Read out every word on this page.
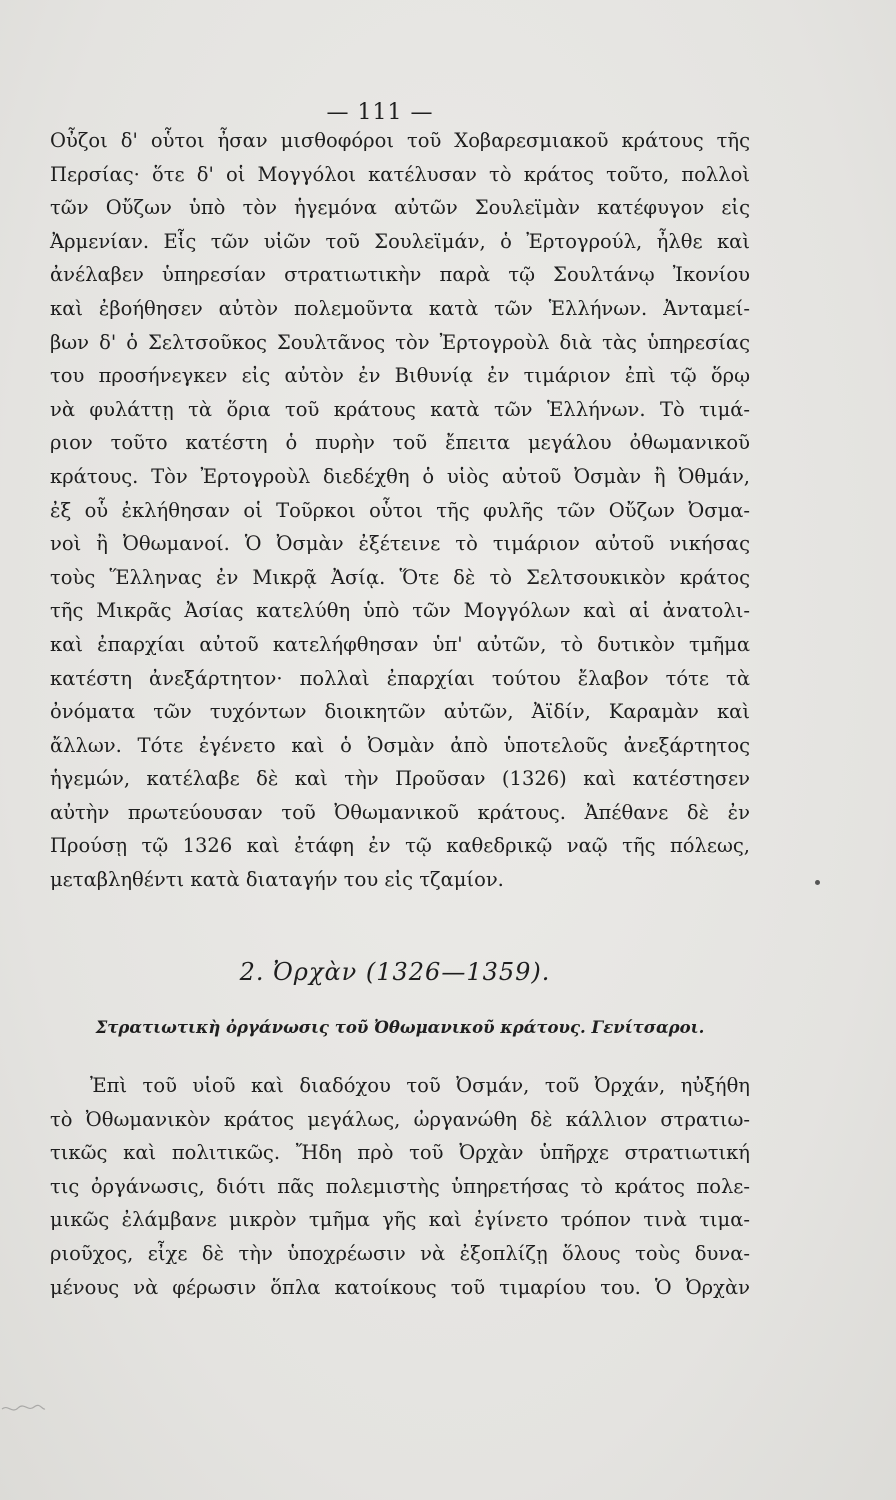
— 111 —
Οὖζοι δ' οὗτοι ἦσαν μισθοφόροι τοῦ Χοβαρεσμιακοῦ κράτους τῆς
Περσίας· ὅτε δ' οἱ Μογγόλοι κατέλυσαν τὸ κράτος τοῦτο, πολλοὶ
τῶν Οὔζων ὑπὸ τὸν ἡγεμόνα αὐτῶν Σουλεϊμὰν κατέφυγον εἰς
Ἀρμενίαν. Εἷς τῶν υἱῶν τοῦ Σουλεϊμάν, ὁ Ἐρτογρούλ, ἦλθε καὶ
ἀνέλαβεν ὑπηρεσίαν στρατιωτικὴν παρὰ τῷ Σουλτάνῳ Ἰκονίου
καὶ ἐβοήθησεν αὐτὸν πολεμοῦντα κατὰ τῶν Ἑλλήνων. Ἀνταμεί-
βων δ' ὁ Σελτσοῦκος Σουλτᾶνος τὸν Ἐρτογροὺλ διὰ τὰς ὑπηρεσίας
του προσήνεγκεν εἰς αὐτὸν ἐν Βιθυνίᾳ ἐν τιμάριον ἐπὶ τῷ ὅρῳ
νὰ φυλάττῃ τὰ ὅρια τοῦ κράτους κατὰ τῶν Ἑλλήνων. Τὸ τιμά-
ριον τοῦτο κατέστη ὁ πυρὴν τοῦ ἔπειτα μεγάλου ὀθωμανικοῦ
κράτους. Τὸν Ἐρτογροὺλ διεδέχθη ὁ υἱὸς αὐτοῦ Ὀσμὰν ἢ Ὀθμάν,
ἐξ οὗ ἐκλήθησαν οἱ Τοῦρκοι οὗτοι τῆς φυλῆς τῶν Οὔζων Ὀσμα-
νοὶ ἢ Ὀθωμανοί. Ὁ Ὀσμὰν ἐξέτεινε τὸ τιμάριον αὐτοῦ νικήσας
τοὺς Ἕλληνας ἐν Μικρᾷ Ἀσίᾳ. Ὅτε δὲ τὸ Σελτσουκικὸν κράτος
τῆς Μικρᾶς Ἀσίας κατελύθη ὑπὸ τῶν Μογγόλων καὶ αἱ ἀνατολι-
καὶ ἐπαρχίαι αὐτοῦ κατελήφθησαν ὑπ' αὐτῶν, τὸ δυτικὸν τμῆμα
κατέστη ἀνεξάρτητον· πολλαὶ ἐπαρχίαι τούτου ἔλαβον τότε τὰ
ὀνόματα τῶν τυχόντων διοικητῶν αὐτῶν, Ἀϊδίν, Καραμὰν καὶ
ἄλλων. Τότε ἐγένετο καὶ ὁ Ὀσμὰν ἀπὸ ὑποτελοῦς ἀνεξάρτητος
ἡγεμών, κατέλαβε δὲ καὶ τὴν Προῦσαν (1326) καὶ κατέστησεν
αὐτὴν πρωτεύουσαν τοῦ Ὀθωμανικοῦ κράτους. Ἀπέθανε δὲ ἐν
Προύσῃ τῷ 1326 καὶ ἐτάφη ἐν τῷ καθεδρικῷ ναῷ τῆς πόλεως,
μεταβληθέντι κατὰ διαταγήν του εἰς τζαμίον.
2. Ὀρχὰν (1326—1359).
Στρατιωτικὴ ὀργάνωσις τοῦ Ὀθωμανικοῦ κράτους. Γενίτσαροι.
Ἐπὶ τοῦ υἱοῦ καὶ διαδόχου τοῦ Ὀσμάν, τοῦ Ὀρχάν, ηὐξήθη
τὸ Ὀθωμανικὸν κράτος μεγάλως, ὠργανώθη δὲ κάλλιον στρατιω-
τικῶς καὶ πολιτικῶς. Ἤδη πρὸ τοῦ Ὀρχὰν ὑπῆρχε στρατιωτική
τις ὀργάνωσις, διότι πᾶς πολεμιστὴς ὑπηρετήσας τὸ κράτος πολε-
μικῶς ἐλάμβανε μικρὸν τμῆμα γῆς καὶ ἐγίνετο τρόπον τινὰ τιμα-
ριοῦχος, εἶχε δὲ τὴν ὑποχρέωσιν νὰ ἐξοπλίζῃ ὅλους τοὺς δυνα-
μένους νὰ φέρωσιν ὅπλα κατοίκους τοῦ τιμαρίου του. Ὁ Ὀρχὰν
